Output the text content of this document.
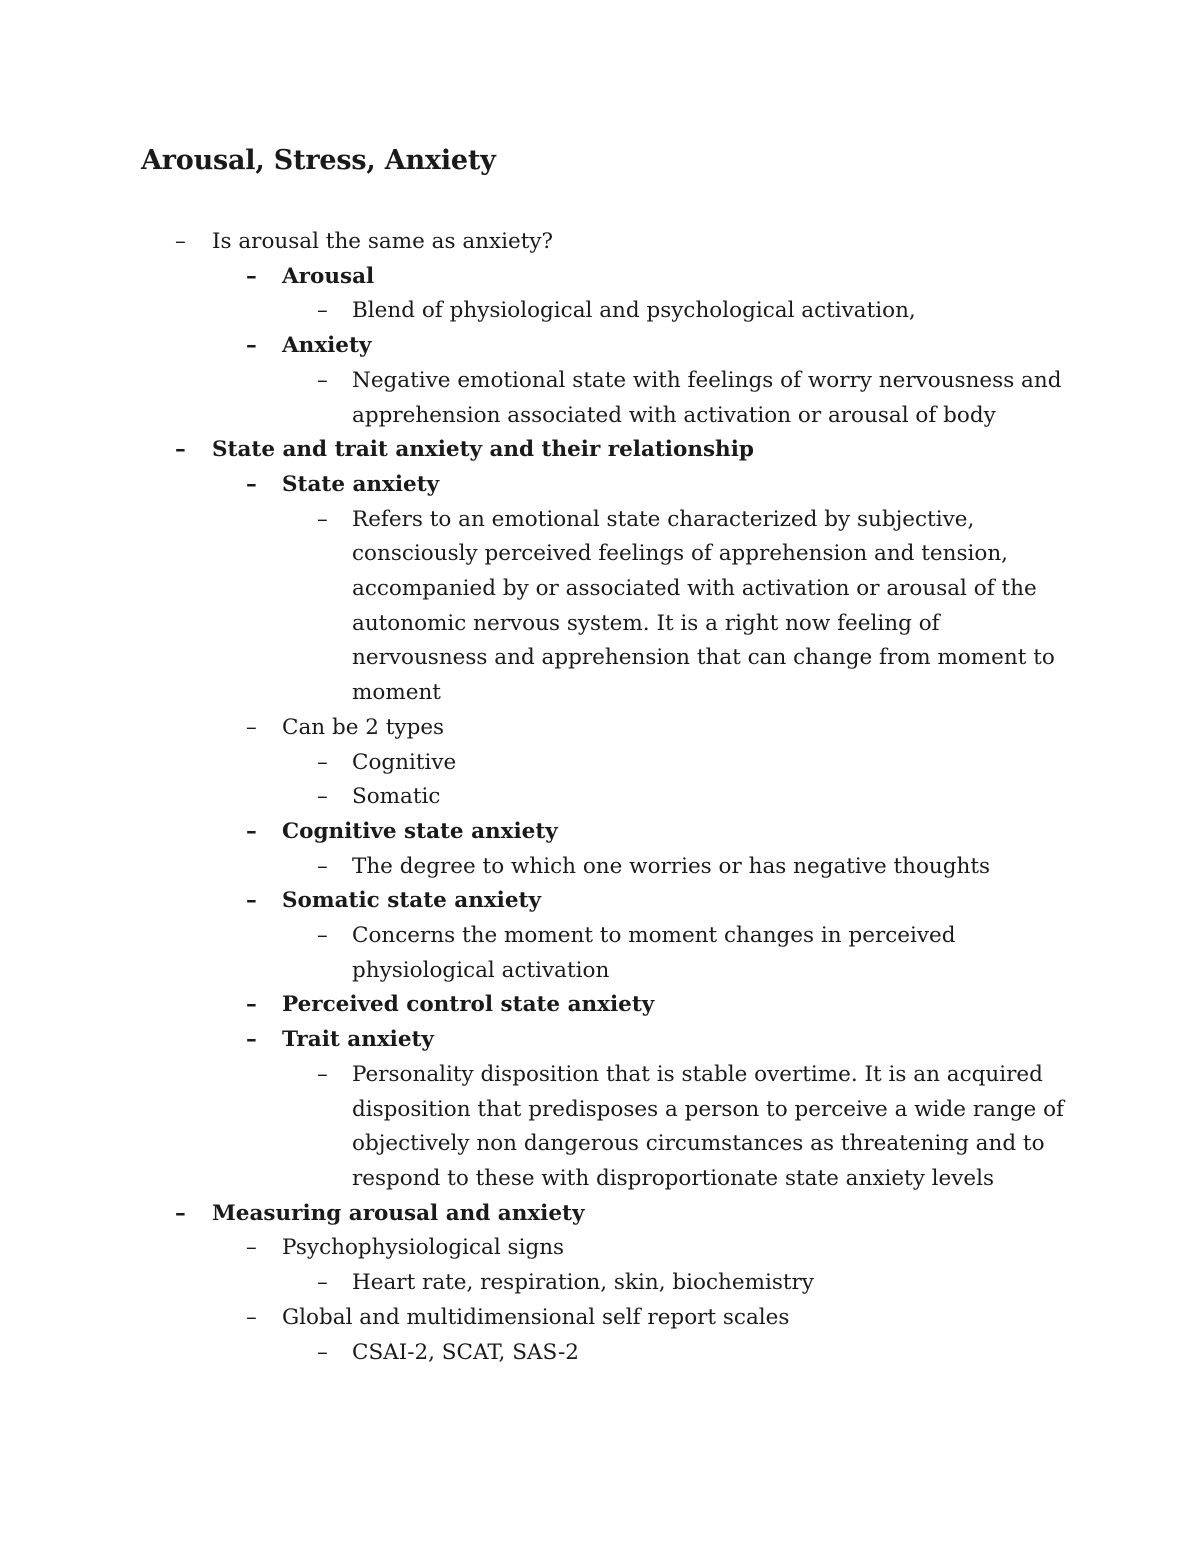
Arousal, Stress, Anxiety
–	Is arousal the same as anxiety?
–	Arousal
–	Blend of physiological and psychological activation,
–	Anxiety
–	Negative emotional state with feelings of worry nervousness and apprehension associated with activation or arousal of body
–	State and trait anxiety and their relationship
–	State anxiety
–	Refers to an emotional state characterized by subjective, consciously perceived feelings of apprehension and tension, accompanied by or associated with activation or arousal of the autonomic nervous system. It is a right now feeling of nervousness and apprehension that can change from moment to moment
–	Can be 2 types
–	Cognitive
–	Somatic
–	Cognitive state anxiety
–	The degree to which one worries or has negative thoughts
–	Somatic state anxiety
–	Concerns the moment to moment changes in perceived physiological activation
–	Perceived control state anxiety
–	Trait anxiety
–	Personality disposition that is stable overtime. It is an acquired disposition that predisposes a person to perceive a wide range of objectively non dangerous circumstances as threatening and to respond to these with disproportionate state anxiety levels
–	Measuring arousal and anxiety
–	Psychophysiological signs
–	Heart rate, respiration, skin, biochemistry
–	Global and multidimensional self report scales
–	CSAI-2, SCAT, SAS-2
